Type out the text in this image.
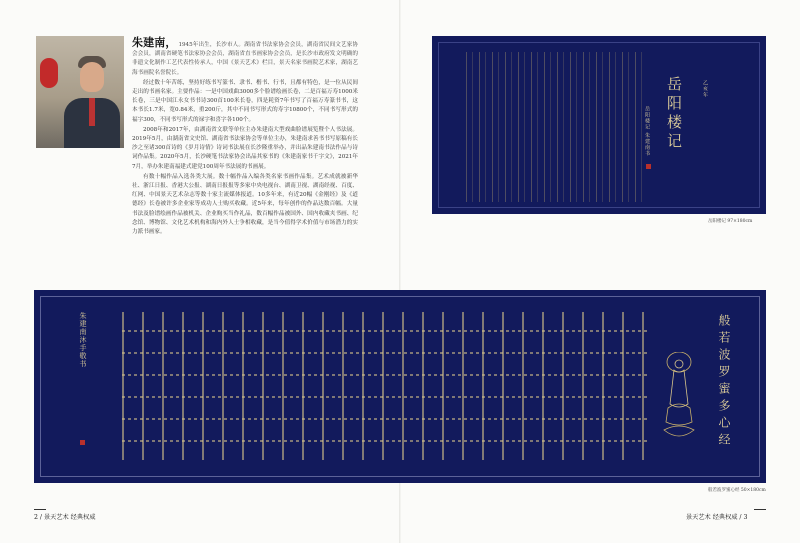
朱建南， 1945年出生，长沙市人。湖南省书法家协会会员，湖南省民间文艺家协会会员，湖南省硬笔书法家协会会员，湖南省直书画家协会会员，是长沙市政府发文明确的非遗文化制作工艺代表性传承人，中国《景天艺术》栏目，景天名家书画院艺术家，湖南艺海书画院名誉院长。

经过数十年苦练，坚持好练书写篆书、隶书、楷书、行书，且都有特色，是一位从民间走出的书画名家。主要作品：一是中国戏曲3000多个脸谱绘画长卷，二是百福万寿1000米长卷，三是中国江永女书书诗300首100米长卷，四是耗资7年书写了百福万寿篆书书，这本书长1.7米，宽0.84米，重200斤，其中不同书写形式的寿字10800个，不同书写形式的福字300，不同书写形式的禄字和喜字各100个。

2008年和2017年，由湖南省文联等单位主办朱建南大型戏曲脸谱展览暨个人书法展。2019年5月，由湖南省文史馆、湖南省书法家协会等单位主办，朱建南求善书书写原稿有长沙之至诸300首诗的《岁月诗情》诗词书法展在长沙隆重举办，并出品朱建南书法作品与诗词作品集。2020年5月，长沙硬笔书法家协会出品其家书的《朱建南家书千字文》，2021年7月，举办朱建南福建式建党100周年书法展的书画展。

有数十幅作品入选各类大展。数十幅作品入编各类名家书画作品集。艺术成就被新华社、浙江日报、香港大公报、湖南日报报等多家中央电视台、湖南卫视、湖南经视、百度、红网、中国景天艺术杂志等数十家主流媒体报道。10多年来，有近20幅《金刚经》及《道德经》长卷被许多企业家等成功人士购买收藏。近5年来，每年创作的作品达数百幅。大量书法及脸谱绘画作品被机关、企业购买当作礼品，数百幅作品被国外、国内收藏夹书画、纪念馆、博物馆、文化艺术机构和海内外人士争相收藏，是当今值得学术价值与市场潜力的实力派书画家。

岳阳楼记
岳阳楼记 朱建南书
乙亥年
岳阳楼记 97×180cm
般若波罗蜜多心经
朱建南沐手敬书
般若波罗蜜心经 50×180cm
2 / 景天艺术 经典权威	景天艺术 经典权威 / 3
